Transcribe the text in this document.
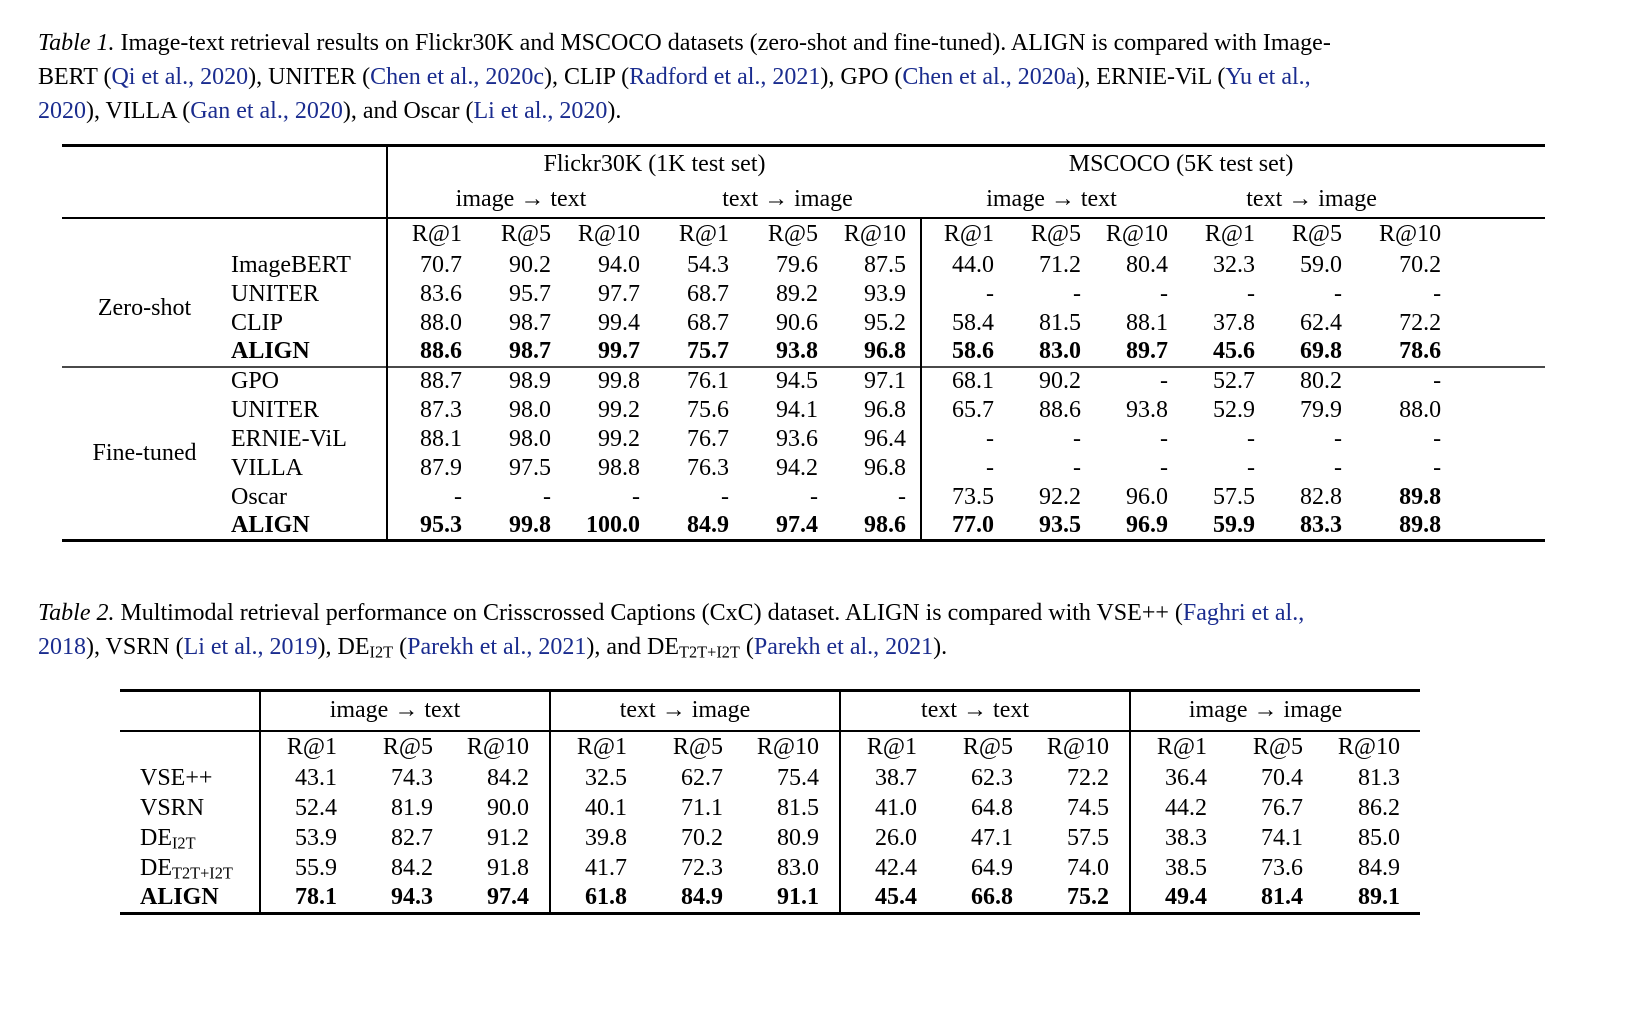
Table 1. Image-text retrieval results on Flickr30K and MSCOCO datasets (zero-shot and fine-tuned). ALIGN is compared with Image-
BERT (Qi et al., 2020), UNITER (Chen et al., 2020c), CLIP (Radford et al., 2021), GPO (Chen et al., 2020a), ERNIE-ViL (Yu et al.,
2020), VILLA (Gan et al., 2020), and Oscar (Li et al., 2020).
		Flickr30K (1K test set)						MSCOCO (5K test set)					
		image → text			text → image			image → text			text → image		
		R@1	R@5	R@10	R@1	R@5	R@10	R@1	R@5	R@10	R@1	R@5	R@10
Zero-shot	ImageBERT	70.7	90.2	94.0	54.3	79.6	87.5	44.0	71.2	80.4	32.3	59.0	70.2
	UNITER	83.6	95.7	97.7	68.7	89.2	93.9	-	-	-	-	-	-
	CLIP	88.0	98.7	99.4	68.7	90.6	95.2	58.4	81.5	88.1	37.8	62.4	72.2
	ALIGN	88.6	98.7	99.7	75.7	93.8	96.8	58.6	83.0	89.7	45.6	69.8	78.6
Fine-tuned	GPO	88.7	98.9	99.8	76.1	94.5	97.1	68.1	90.2	-	52.7	80.2	-
	UNITER	87.3	98.0	99.2	75.6	94.1	96.8	65.7	88.6	93.8	52.9	79.9	88.0
	ERNIE-ViL	88.1	98.0	99.2	76.7	93.6	96.4	-	-	-	-	-	-
	VILLA	87.9	97.5	98.8	76.3	94.2	96.8	-	-	-	-	-	-
	Oscar	-	-	-	-	-	-	73.5	92.2	96.0	57.5	82.8	89.8
	ALIGN	95.3	99.8	100.0	84.9	97.4	98.6	77.0	93.5	96.9	59.9	83.3	89.8
Table 2. Multimodal retrieval performance on Crisscrossed Captions (CxC) dataset. ALIGN is compared with VSE++ (Faghri et al.,
2018), VSRN (Li et al., 2019), $DE_{I2T}$ (Parekh et al., 2021), and $DE_{T2T+I2T}$ (Parekh et al., 2021).
	image → text			text → image			text → text			image → image		
	R@1	R@5	R@10	R@1	R@5	R@10	R@1	R@5	R@10	R@1	R@5	R@10
VSE++	43.1	74.3	84.2	32.5	62.7	75.4	38.7	62.3	72.2	36.4	70.4	81.3
VSRN	52.4	81.9	90.0	40.1	71.1	81.5	41.0	64.8	74.5	44.2	76.7	86.2
$DE_{I2T}$	53.9	82.7	91.2	39.8	70.2	80.9	26.0	47.1	57.5	38.3	74.1	85.0
$DE_{T2T+I2T}$	55.9	84.2	91.8	41.7	72.3	83.0	42.4	64.9	74.0	38.5	73.6	84.9
ALIGN	78.1	94.3	97.4	61.8	84.9	91.1	45.4	66.8	75.2	49.4	81.4	89.1
